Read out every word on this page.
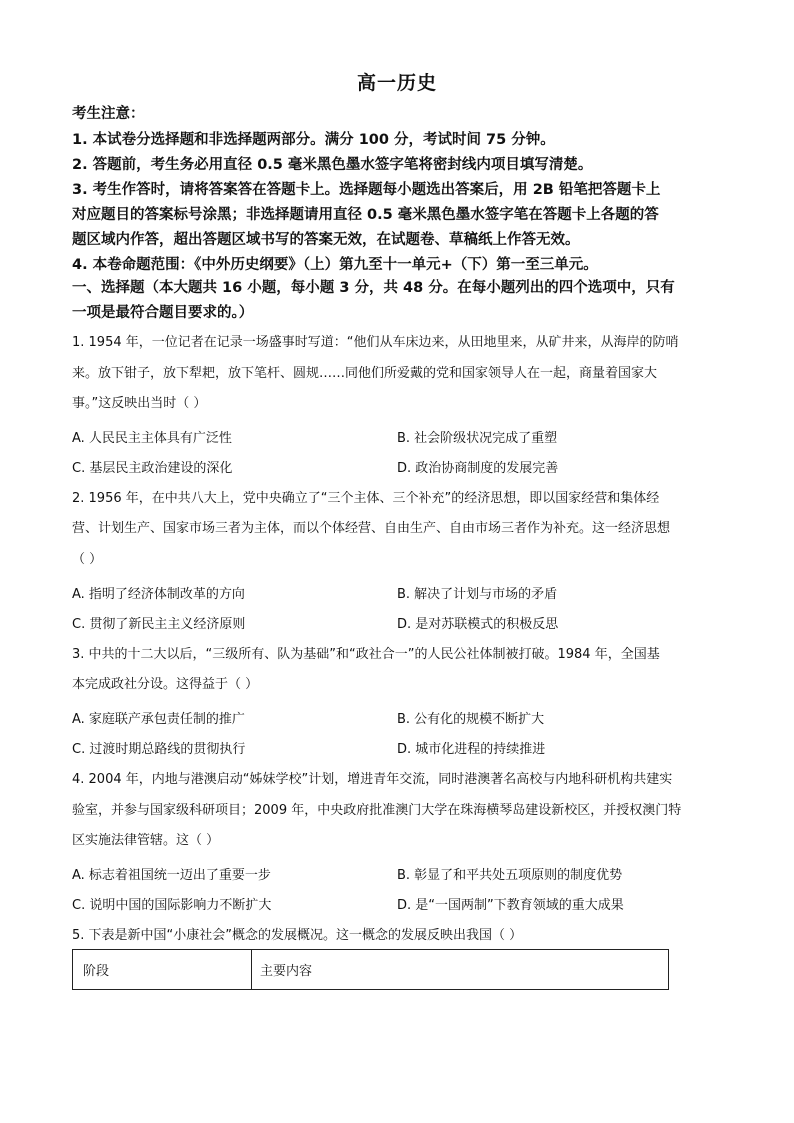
高一历史
考生注意：
1. 本试卷分选择题和非选择题两部分。满分 100 分，考试时间 75 分钟。
2. 答题前，考生务必用直径 0.5 毫米黑色墨水签字笔将密封线内项目填写清楚。
3. 考生作答时，请将答案答在答题卡上。选择题每小题选出答案后，用 2B 铅笔把答题卡上
对应题目的答案标号涂黑；非选择题请用直径 0.5 毫米黑色墨水签字笔在答题卡上各题的答
题区域内作答，超出答题区域书写的答案无效，在试题卷、草稿纸上作答无效。
4. 本卷命题范围：《中外历史纲要》（上）第九至十一单元+（下）第一至三单元。
一、选择题（本大题共 16 小题，每小题 3 分，共 48 分。在每小题列出的四个选项中，只有
一项是最符合题目要求的。）
1. 1954 年，一位记者在记录一场盛事时写道：“他们从车床边来，从田地里来，从矿井来，从海岸的防哨
来。放下钳子，放下犁耙，放下笔杆、圆规……同他们所爱戴的党和国家领导人在一起，商量着国家大
事。”这反映出当时（ ）
A. 人民民主主体具有广泛性	B. 社会阶级状况完成了重塑
C. 基层民主政治建设的深化	D. 政治协商制度的发展完善
2. 1956 年，在中共八大上，党中央确立了“三个主体、三个补充”的经济思想，即以国家经营和集体经
营、计划生产、国家市场三者为主体，而以个体经营、自由生产、自由市场三者作为补充。这一经济思想
（ ）
A. 指明了经济体制改革的方向	B. 解决了计划与市场的矛盾
C. 贯彻了新民主主义经济原则	D. 是对苏联模式的积极反思
3. 中共的十二大以后，“三级所有、队为基础”和“政社合一”的人民公社体制被打破。1984 年，全国基
本完成政社分设。这得益于（ ）
A. 家庭联产承包责任制的推广	B. 公有化的规模不断扩大
C. 过渡时期总路线的贯彻执行	D. 城市化进程的持续推进
4. 2004 年，内地与港澳启动“姊妹学校”计划，增进青年交流，同时港澳著名高校与内地科研机构共建实
验室，并参与国家级科研项目；2009 年，中央政府批准澳门大学在珠海横琴岛建设新校区，并授权澳门特
区实施法律管辖。这（ ）
A. 标志着祖国统一迈出了重要一步	B. 彰显了和平共处五项原则的制度优势
C. 说明中国的国际影响力不断扩大	D. 是“一国两制”下教育领域的重大成果
5. 下表是新中国“小康社会”概念的发展概况。这一概念的发展反映出我国（ ）
阶段	主要内容
